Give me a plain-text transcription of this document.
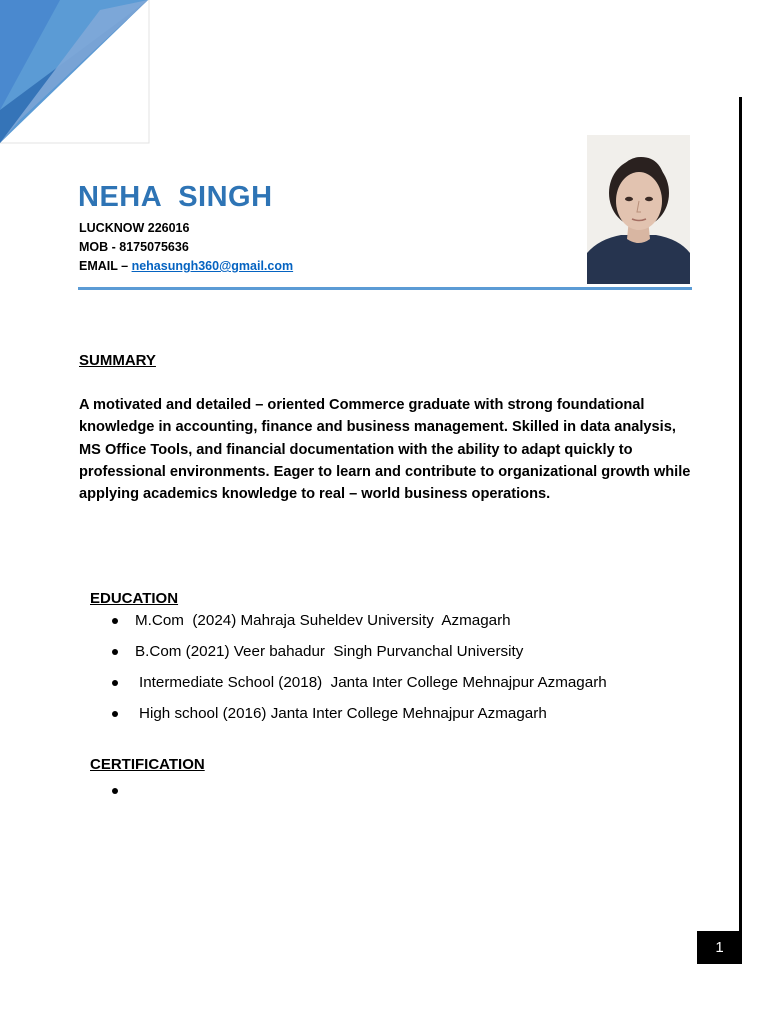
NEHA  SINGH
LUCKNOW 226016
MOB - 8175075636
EMAIL – nehasungh360@gmail.com
SUMMARY

A motivated and detailed – oriented Commerce graduate with strong foundational knowledge in accounting, finance and business management. Skilled in data analysis, MS Office Tools, and financial documentation with the ability to adapt quickly to professional environments. Eager to learn and contribute to organizational growth while applying academics knowledge to real – world business operations.

EDUCATION

M.Com  (2024) Mahraja Suheldev University  Azmagarh

B.Com (2021) Veer bahadur  Singh Purvanchal University

Intermediate School (2018)  Janta Inter College Mehnajpur Azmagarh

High school (2016) Janta Inter College Mehnajpur Azmagarh

CERTIFICATION

1
